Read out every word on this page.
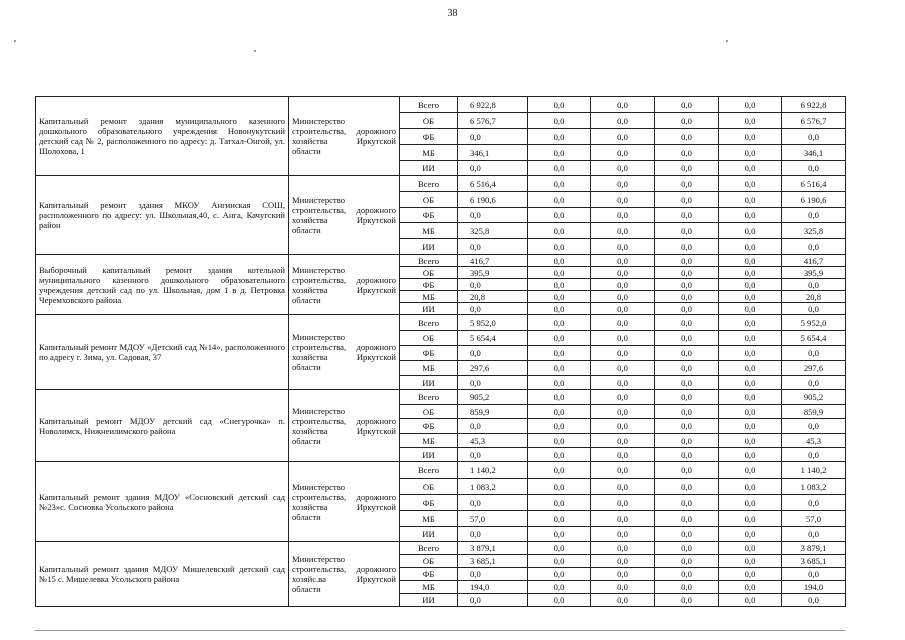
38
Капитальный ремонт здания муниципального казенного дошкольного образовательного учреждения Новонукутский детский сад № 2, расположенного по адресу: д. Татхал-Онгой, ул. Шолохова, 1	Министерство строительства, дорожного хозяйства Иркутской области	Всего	6 922,8	0,0	0,0	0,0	0,0	6 922,8
		ОБ	6 576,7	0,0	0,0	0,0	0,0	6 576,7
		ФБ	0,0	0,0	0,0	0,0	0,0	0,0
		МБ	346,1	0,0	0,0	0,0	0,0	346,1
		ИИ	0,0	0,0	0,0	0,0	0,0	0,0
Капитальный ремонт здания МКОУ Ангинская СОШ, расположенного по адресу: ул. Школьная,40, с. Анга, Качугский район	Министерство строительства, дорожного хозяйства Иркутской области	Всего	6 516,4	0,0	0,0	0,0	0,0	6 516,4
		ОБ	6 190,6	0,0	0,0	0,0	0,0	6 190,6
		ФБ	0,0	0,0	0,0	0,0	0,0	0,0
		МБ	325,8	0,0	0,0	0,0	0,0	325,8
		ИИ	0,0	0,0	0,0	0,0	0,0	0,0
Выборочный капитальный ремонт здания котельной муниципального казенного дошкольного образовательного учреждения детский сад по ул. Школьная, дом 1 в д. Петровка Черемховского района	Министерство строительства, дорожного хозяйства Иркутской области	Всего	416,7	0,0	0,0	0,0	0,0	416,7
		ОБ	395,9	0,0	0,0	0,0	0,0	395,9
		ФБ	0,0	0,0	0,0	0,0	0,0	0,0
		МБ	20,8	0,0	0,0	0,0	0,0	20,8
		ИИ	0,0	0,0	0,0	0,0	0,0	0,0
Капитальный ремонт МДОУ «Детский сад №14», расположенного по адресу г. Зима, ул. Садовая, 37	Министерство строительства, дорожного хозяйства Иркутской области	Всего	5 952,0	0,0	0,0	0,0	0,0	5 952,0
		ОБ	5 654,4	0,0	0,0	0,0	0,0	5 654,4
		ФБ	0,0	0,0	0,0	0,0	0,0	0,0
		МБ	297,6	0,0	0,0	0,0	0,0	297,6
		ИИ	0,0	0,0	0,0	0,0	0,0	0,0
Капитальный ремонт МДОУ детский сад «Снегурочка» п. Новолимск, Нижнеилимского района	Министерство строительства, дорожного хозяйства Иркутской области	Всего	905,2	0,0	0,0	0,0	0,0	905,2
		ОБ	859,9	0,0	0,0	0,0	0,0	859,9
		ФБ	0,0	0,0	0,0	0,0	0,0	0,0
		МБ	45,3	0,0	0,0	0,0	0,0	45,3
		ИИ	0,0	0,0	0,0	0,0	0,0	0,0
Капитальный ремонт здания МДОУ «Сосновский детский сад №23»с. Сосновка Усольского района	Министерство строительства, дорожного хозяйства Иркутской области	Всего	1 140,2	0,0	0,0	0,0	0,0	1 140,2
		ОБ	1 083,2	0,0	0,0	0,0	0,0	1 083,2
		ФБ	0,0	0,0	0,0	0,0	0,0	0,0
		МБ	57,0	0,0	0,0	0,0	0,0	57,0
		ИИ	0,0	0,0	0,0	0,0	0,0	0,0
Капитальный ремонт здания МДОУ Мишелевский детский сад №15 с. Мишелевка Усольского района	Министерство строительства, дорожного хозяйс.ва Иркутской области	Всего	3 879,1	0,0	0,0	0,0	0,0	3 879,1
		ОБ	3 685,1	0,0	0,0	0,0	0,0	3 685,1
		ФБ	0,0	0,0	0,0	0,0	0,0	0,0
		МБ	194,0	0,0	0,0	0,0	0,0	194,0
		ИИ	0,0	0,0	0,0	0,0	0,0	0,0
